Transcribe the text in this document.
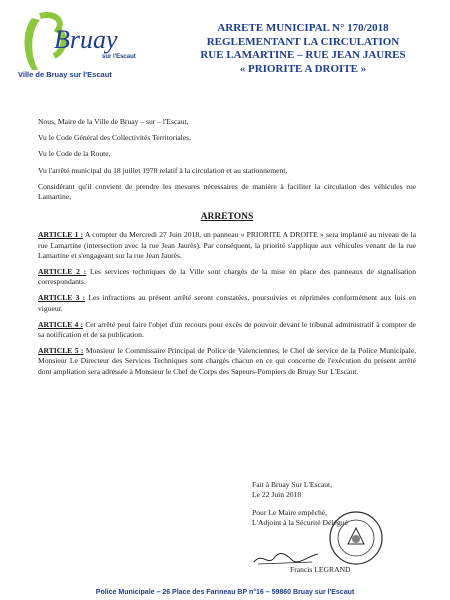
Bruay
sur l'Escaut
Ville de Bruay sur l'Escaut
ARRETE MUNICIPAL N° 170/2018
REGLEMENTANT LA CIRCULATION
RUE LAMARTINE – RUE JEAN JAURES
« PRIORITE A DROITE »

Nous, Maire de la Ville de Bruay – sur – l'Escaut,

Vu le Code Général des Collectivités Territoriales,

Vu le Code de la Route,

Vu l'arrêté municipal du 18 juillet 1978 relatif à la circulation et au stationnement,

Considérant qu'il convient de prendre les mesures nécessaires de manière à faciliter la circulation des véhicules rue Lamartine,

ARRETONS

ARTICLE 1 : A compter du Mercredi 27 Juin 2018, un panneau « PRIORITE A DROITE » sera implanté au niveau de la rue Lamartine (intersection avec la rue Jean Jaurès). Par conséquent, la priorité s'applique aux véhicules venant de la rue Lamartine et s'engageant sur la rue Jean Jaurès.

ARTICLE 2 : Les services techniques de la Ville sont chargés de la mise en place des panneaux de signalisation correspondants.

ARTICLE 3 : Les infractions au présent arrêté seront constatées, poursuivies et réprimées conformément aux lois en vigueur.

ARTICLE 4 : Cet arrêté peut faire l'objet d'un recours pour excès de pouvoir devant le tribunal administratif à compter de sa notification et de sa publication.

ARTICLE 5 : Monsieur le Commissaire Principal de Police de Valenciennes, le Chef de service de la Police Municipale, Monsieur Le Directeur des Services Techniques sont chargés chacun en ce qui concerne de l'exécution du présent arrêté dont ampliation sera adressée à Monsieur le Chef de Corps des Sapeurs-Pompiers de Bruay Sur L'Escaut.

Fait à Bruay Sur L'Escaut,
Le 22 Juin 2018
Pour Le Maire empêché,
L'Adjoint à la Sécurité Délégué
Francis LEGRAND
Police Municipale – 26 Place des Farineau BP n°16 – 59860 Bruay sur l'Escaut
